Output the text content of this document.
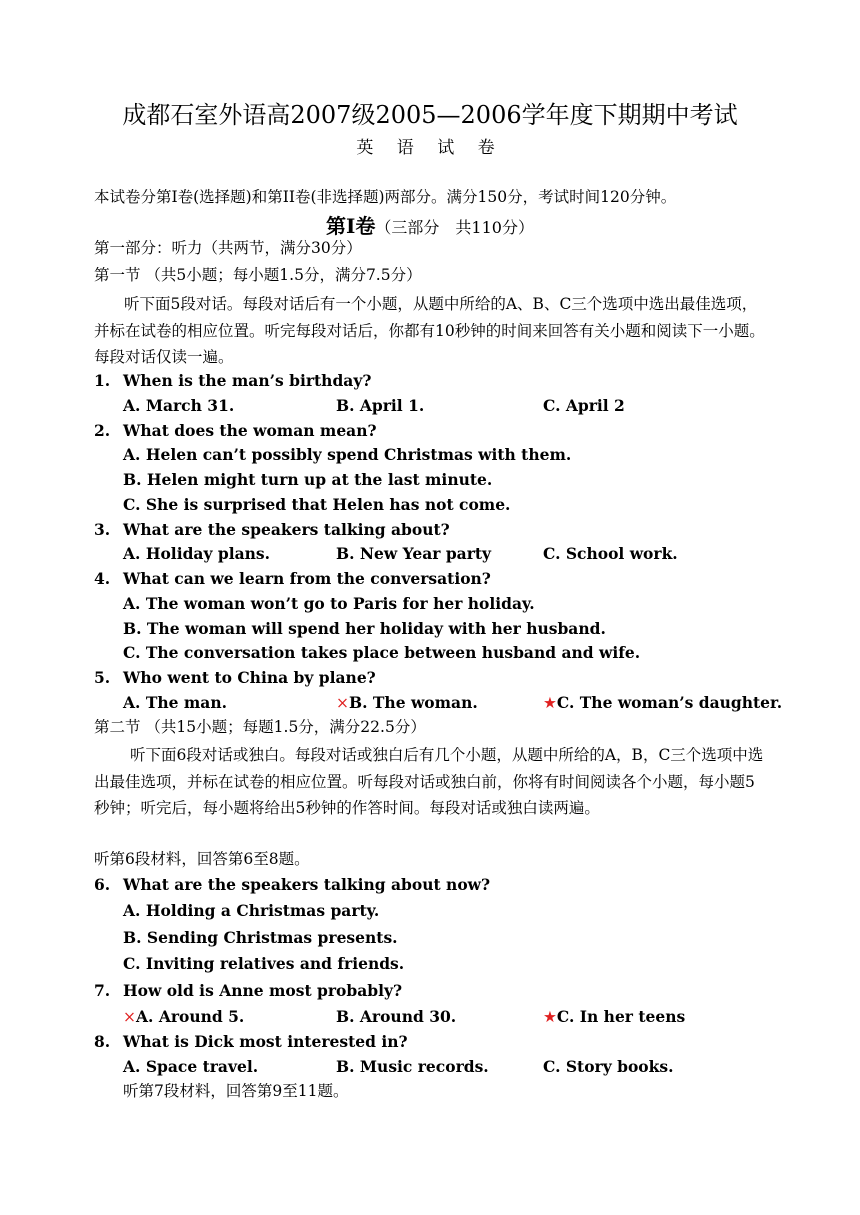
成都石室外语高2007级2005—2006学年度下期期中考试
英 语 试 卷
本试卷分第Ⅰ卷(选择题)和第II卷(非选择题)两部分。满分150分，考试时间120分钟。
第Ⅰ卷（三部分　共110分）
第一部分：听力（共两节，满分30分）
第一节 （共5小题；每小题1.5分，满分7.5分）
听下面5段对话。每段对话后有一个小题，从题中所给的A、B、C三个选项中选出最佳选项，并标在试卷的相应位置。听完每段对话后，你都有10秒钟的时间来回答有关小题和阅读下一小题。每段对话仅读一遍。
1. When is the man’s birthday?
A. March 31.	B. April 1.	C. April 2
2. What does the woman mean?
A. Helen can’t possibly spend Christmas with them.
B. Helen might turn up at the last minute.
C. She is surprised that Helen has not come.
3. What are the speakers talking about?
A. Holiday plans.	B. New Year party	C. School work.
4. What can we learn from the conversation?
A. The woman won’t go to Paris for her holiday.
B. The woman will spend her holiday with her husband.
C. The conversation takes place between husband and wife.
5. Who went to China by plane?
A. The man.	×B. The woman.	★C. The woman’s daughter.
第二节 （共15小题；每题1.5分，满分22.5分）
听下面6段对话或独白。每段对话或独白后有几个小题，从题中所给的A，B，C三个选项中选出最佳选项，并标在试卷的相应位置。听每段对话或独白前，你将有时间阅读各个小题，每小题5秒钟；听完后，每小题将给出5秒钟的作答时间。每段对话或独白读两遍。
听第6段材料，回答第6至8题。
6. What are the speakers talking about now?
A. Holding a Christmas party.
B. Sending Christmas presents.
C. Inviting relatives and friends.
7. How old is Anne most probably?
×A. Around 5.	B. Around 30.	★C. In her teens
8. What is Dick most interested in?
A. Space travel.	B. Music records.	C. Story books.
听第7段材料，回答第9至11题。
